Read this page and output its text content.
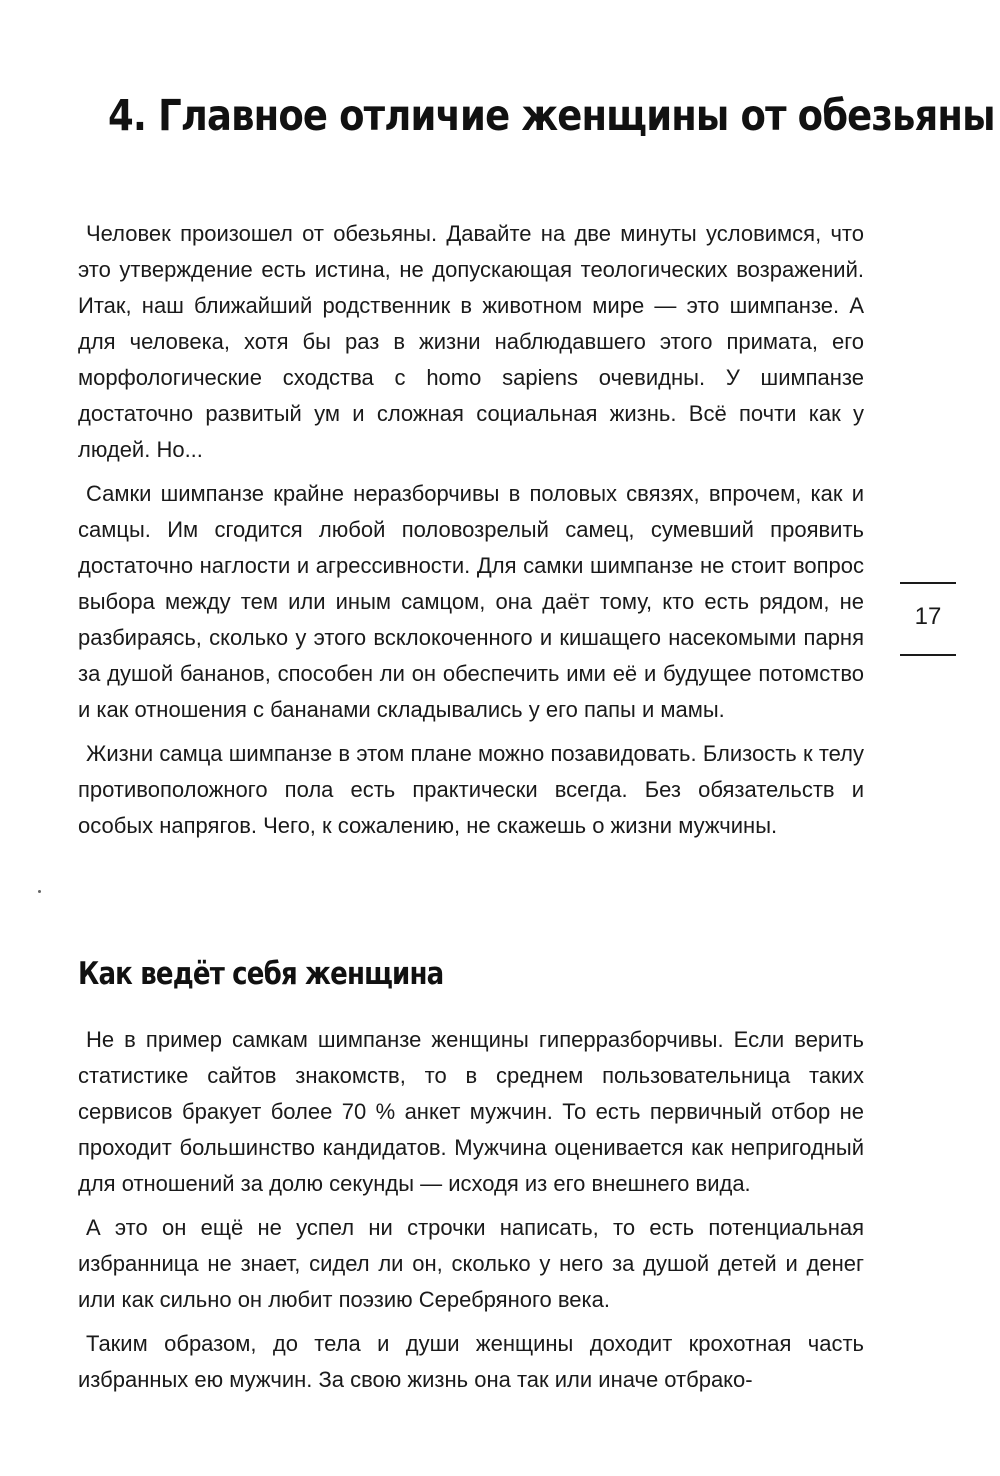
4. Главное отличие женщины от обезьяны

Человек произошел от обезьяны. Давайте на две минуты условимся, что это утверждение есть истина, не допускающая теологических возражений. Итак, наш ближайший родственник в животном мире — это шимпанзе. А для человека, хотя бы раз в жизни наблюдавшего этого примата, его морфологические сходства с homo sapiens очевидны. У шимпанзе достаточно развитый ум и сложная социальная жизнь. Всё почти как у людей. Но...

Самки шимпанзе крайне неразборчивы в половых связях, впрочем, как и самцы. Им сгодится любой половозрелый самец, сумевший проявить достаточно наглости и агрессивности. Для самки шимпанзе не стоит вопрос выбора между тем или иным самцом, она даёт тому, кто есть рядом, не разбираясь, сколько у этого всклокоченного и кишащего насекомыми парня за душой бананов, способен ли он обеспечить ими её и будущее потомство и как отношения с бананами складывались у его папы и мамы.

Жизни самца шимпанзе в этом плане можно позавидовать. Близость к телу противоположного пола есть практически всегда. Без обязательств и особых напрягов. Чего, к сожалению, не скажешь о жизни мужчины.

Как ведёт себя женщина

Не в пример самкам шимпанзе женщины гиперразборчивы. Если верить статистике сайтов знакомств, то в среднем пользовательница таких сервисов бракует более 70 % анкет мужчин. То есть первичный отбор не проходит большинство кандидатов. Мужчина оценивается как непригодный для отношений за долю секунды — исходя из его внешнего вида.

А это он ещё не успел ни строчки написать, то есть потенциальная избранница не знает, сидел ли он, сколько у него за душой детей и денег или как сильно он любит поэзию Серебряного века.

Таким образом, до тела и души женщины доходит крохотная часть избранных ею мужчин. За свою жизнь она так или иначе отбрако-

17
